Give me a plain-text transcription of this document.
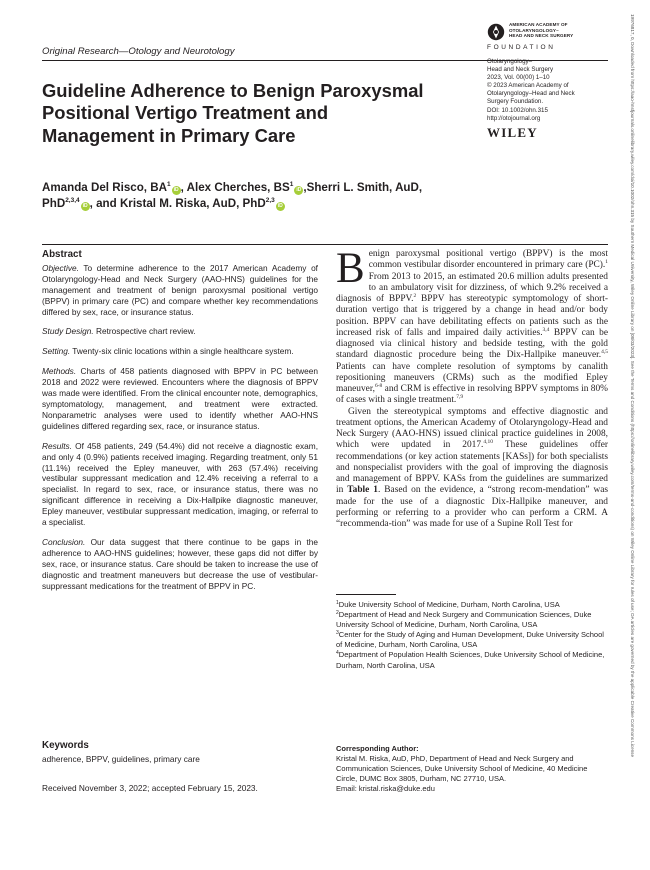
Original Research—Otology and Neurotology
AMERICAN ACADEMY OF
OTOLARYNGOLOGY–
HEAD AND NECK SURGERY
FOUNDATION
Otolaryngology–
Head and Neck Surgery
2023, Vol. 00(00) 1–10
© 2023 American Academy of
Otolaryngology–Head and Neck
Surgery Foundation.
DOI: 10.1002/ohn.315
http://otojournal.org
WILEY
Guideline Adherence to Benign Paroxysmal Positional Vertigo Treatment and Management in Primary Care
Amanda Del Risco, $BA^1iD$ , Alex Cherches, $BS^1iD$ ,Sherri L. Smith, AuD, PhD$^{2,3,4}$iD , and Kristal M. Riska, AuD, PhD$^{2,3}$iD
Abstract

Objective. To determine adherence to the 2017 American Academy of Otolaryngology-Head and Neck Surgery (AAO-HNS) guidelines for the management and treatment of benign paroxysmal positional vertigo (BPPV) in primary care (PC) and compare whether key recommendations differed by sex, race, or insurance status.

Study Design. Retrospective chart review.

Setting. Twenty-six clinic locations within a single healthcare system.

Methods. Charts of 458 patients diagnosed with BPPV in PC between 2018 and 2022 were reviewed. Encounters where the diagnosis of BPPV was made were identified. From the clinical encounter note, demographics, symptomatology, management, and treatment were extracted. Nonparametric analyses were used to identify whether AAO-HNS guidelines differed regarding sex, race, or insurance status.

Results. Of 458 patients, 249 (54.4%) did not receive a diagnostic exam, and only 4 (0.9%) patients received imaging. Regarding treatment, only 51 (11.1%) received the Epley maneuver, with 263 (57.4%) receiving vestibular suppressant medication and 12.4% receiving a referral to a specialist. In regard to sex, race, or insurance status, there was no significant difference in receiving a Dix-Hallpike diagnostic maneuver, Epley maneuver, vestibular suppressant medication, imaging, or referral to a specialist.

Conclusion. Our data suggest that there continue to be gaps in the adherence to AAO-HNS guidelines; however, these gaps did not differ by sex, race, or insurance status. Care should be taken to increase the use of diagnostic and treatment maneuvers but decrease the use of vestibular-suppressant medications for the treatment of BPPV in PC.

Keywords
adherence, BPPV, guidelines, primary care
Received November 3, 2022; accepted February 15, 2023.
B enign paroxysmal positional vertigo (BPPV) is the most common vestibular disorder encountered in primary care (PC).$^1$ From 2013 to 2015, an estimated 20.6 million adults presented to an ambulatory visit for dizziness, of which 9.2% received a diagnosis of BPPV.$^2$ BPPV has stereotypic symptomology of short-duration vertigo that is triggered by a change in head and/or body position. BPPV can have debilitating effects on patients such as the increased risk of falls and impaired daily activities.$^{3,4}$ BPPV can be diagnosed via clinical history and bedside testing, with the gold standard diagnostic procedure being the Dix-Hallpike maneuver.$^{4,5}$ Patients can have complete resolution of symptoms by canalith repositioning maneuvers (CRMs) such as the modified Epley maneuver,$^{6-8}$ and CRM is effective in resolving BPPV symptoms in 80% of cases with a single treatment.$^{7,9}$

Given the stereotypical symptoms and effective diagnostic and treatment options, the American Academy of Otolaryngology-Head and Neck Surgery (AAO-HNS) issued clinical practice guidelines in 2008, which were updated in 2017.$^{4,10}$ These guidelines offer recommendations (or key action statements [KASs]) for both specialists and nonspecialist providers with the goal of improving the diagnosis and management of BPPV. KASs from the guidelines are summarized in Table 1. Based on the evidence, a “strong recom-mendation” was made for the use of a diagnostic Dix-Hallpike maneuver, and performing or referring to a provider who can perform a CRM. A “recommenda-tion” was made for use of a Supine Roll Test for

$^1$Duke University School of Medicine, Durham, North Carolina, USA
$^2$Department of Head and Neck Surgery and Communication Sciences, Duke University School of Medicine, Durham, North Carolina, USA
$^3$Center for the Study of Aging and Human Development, Duke University School of Medicine, Durham, North Carolina, USA
$^4$Department of Population Health Sciences, Duke University School of Medicine, Durham, North Carolina, USA
Corresponding Author:
Kristal M. Riska, AuD, PhD, Department of Head and Neck Surgery and Communication Sciences, Duke University School of Medicine, 40 Medicine Circle, DUMC Box 3805, Durham, NC 27710, USA.
Email: kristal.riska@duke.edu
19976817, 0, Downloaded from https://aao-hnsfjournals.onlinelibrary.wiley.com/doi/10.1002/ohn.315 by Southern Medical University, Wiley Online Library on [08/03/2023]. See the Terms and Conditions (https://onlinelibrary.wiley.com/terms-and-conditions) on Wiley Online Library for rules of use; OA articles are governed by the applicable Creative Commons License
